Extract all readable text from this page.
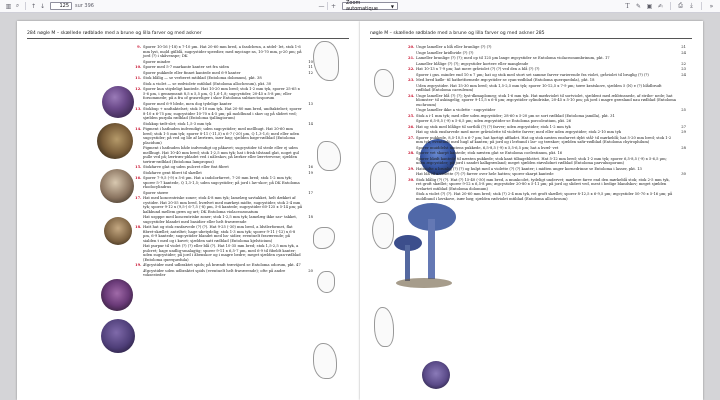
▥ ⌕	↑ ↓	125	sur 396	—	+	Zoom automatique	▼	T	✎ ▣ ✍	⎙	⤓	»
284 nøgle M – skællede rødblade med a brune og lilla farver og med askner
9. Sporer 10-16 (-18) x 7-10 µm. Hat 20-60 mm bred, a fasdcbrun, a ntdel- let, stok 1-6 mm lyst, mold gülblå, sugcystider speedier, med mycinge ns, 10-70 mm, p-20 µm; på jord (?) i skåvenspe; DK
Sporer mindre	10
10. Sporer med 5-7 markante kanter set fra siden	11
Sporer pukkede eller finnet kantede med 6-9 kanter	12
11. Stok blålig — se verberet mtiblad (Entoloma dolomum), pkt. 38
Stok a violet — se rødvioletr mtiblad (Entoloma allochroum), pkt. 30
12. Sporer kun stiydeligt kantede. Hat 10-20 mm bred; stok 1-2 mm tyk, sporer 25-65 x 5-6 µm, i gennemsnit 8,5 x 5,5 µm, Q 1,6-1,8; sugcystider, 20-45 x 5-8 µm; eller forsommede; på a fra of grasreliger i skov Entoloma subtaectosporum
Sporer med 6-9 blede, men dog tydelige kanter	13
13. Stokbup + undtaktelset; stok 5-10 mm tyk. Hat 20-80 mm bred, undtaktelset; sporer 8-10 x 6-75 µm; sugcystider 10-70 x 4-5 µm; på moldbund i skov og på slidret ved; sjælden purpila rødblad (Entoloma tjallingiorum)
Stokkup tælt-slet; stok 1,5-3 mm tyk	14
14. Pigment i hatbuden indvendigt; uden sugcystider; med mellhugt. Hat 20-60 mm bred; stok 1-5 mm tyk; sporer 8-11 (-11,5) x 6-7 (-20) µm, Q 1,3-1,6; med eller uden sugcystider; på ved og lile af lærtræs, især bøg; sjælden bøge-rødblad (Entoloma placidum)
Pigment i hatbuden både indvendigt og påkavet; sugcystider til stede eller ej uden mellhugt. Hat 10-40 mm bred; stok 1-2,5 mm tyk; hat i frisk tilstand glat, noget gul pulle ved på; lærtræs-pbladet ved i nåleskov, på lærker eller lærvtrevene; sjælden tørtræ-rødblad (Entoloma lampropus)
15. Stokfarve glat og uden pulcret eller fint fibret	16
Stokfarve gent fibret til skællet	19
16. Sporer 7-9,5 (-9) x 5-6 µm. Hat a indolorfarvet, 7-20 mm bred; stok 1-2 mm tyk; sporer 5-7 kantede, Q 1,3-1,5; uden sugcystider; på jord i lav-skov; på DK Entoloma rhodocylindrus
Sporer større	17
17. Hat med koncentriske zoner; stok 4-8 mm tyk; lamelæg savtakket, helt dækket af cystider. Hat 20-55 mm bred, hvælvet med mørkeyi midte, sugcystider, stok 2-4 mm tyk; sporer 9-12 x (9,5-) 6-7,5 (-8) µm, 5-6 kantede; sugcystider 60-125 x 5-14 µm; på kalkbund mellem græs og urt; DK Entoloma violaceozonatum
Hat uspppe med koncentriske zoner; stok 1-2,5 mm tyk; lamelæg ikke sav- takket, sugcystider blandet med basidier eller helt fraværende
18
18. Hatt hat og stok ensfarvede (?) (?). Hat 9-25 (-30) mm bred, a ldstlerformet, flat fibret-skællet; antriltet; hage ubetydelig; stok 1-3 mm tyk; sporer 9-11 (-12) x 6-8 µm, 6-9 kantede; sugcystider blandet med ba- sidier, eventuelt fraværende; på sialden t med og i kuvet; sjælden satt rødblad (Entoloma kjelsticium)
Hat purpur til violet (?) (?) eller blå (?). Hat 10-35 mm bred; stok 1,5-2,5 mm tyk, a pulcret; hage undlig-smalagtig; sporer 9-11 x 6,5-7 µm, med 6-9 til fibeldt kanter; uden sugcystider; på jord i åbenskov og i magre bedre; meget sjælden cyan-rødblad (Entoloma querquedula)
19. Ægcystider med udbraktet spids; på brændt træväjord se Entoloma odorum, pkt. 47
Ægcystider uden udbraktet spids (eventuelt helt fraværende); ofte på andre voksesteder
20
nøgle M – skællede rødblade med a brune og lilla farver og med askner 285
20. Unge lameller a blå eller brunlige (?) (?)	21
Unge lameller kridhvide (?) (?)	24
21. Lameller brunlige (?) (?); med op til 125 µm lange ægcystider se Entoloma violaceonumbrinum, pkt. 17
Lameller blålige (?) (?); ægcystider kortere eller manglende	22
22. Hat 10-13 x 7-9 µm; hat mere gråviolet (?) (?) ved den a blå (?) (?)	23
Sporer i gns. mindre end 10 x 7 µm; hat og stok med stort set samme farver varierende fra violet, gråviolet til bruglig (?) (?)	24
23. Med bred kølle- til hatbetformede ægcystider se cyan-rødblad (Entoloma querquedula), pkt. 18
Uden ægcystider. Hat 15-30 mm bred; stok 1,5-2,5 mm tyk; sporer 10-12,5 x 7-9 µm; tørre kratskove, sjælden 5 (N) e (?) blådbrudt rødblad (Entoloma caeruleum)
24. Unge lameller blå (?) (?); lyst-dkmaplomeg; stok 1-6 mm tyk. Hat mørkviolet til sortviolet, sjældent med ælibtnsnede, af stribe- nede; hat blomster- til askingelig; sporer 9-11,5 x 6-8 µm; ægcystider cylindriske, 20-45 x 5-10 µm; på jord i magre græsland nau rødblad (Entoloma euchroum)
Unge lameller ikke a violette - sugcystider	25
25. Stok a i-1 mm tyk; med eller uden ægcystider; 28-60 x 5-20 µm se sort rødblad (Entoloma jamilla), pkt. 31
Sporer 6,5-8,5 (-9) x 5-6,5 µm; uden ægcystider se Entoloma porcoleutium, pkt. 26
26. Hat og stok med blålige til sortblå (?) (?) farver; uden ægcystider; stok 1-2 mm tyk	27
Hat og stok ensfarvede med mere gråviolette til violette farver; med eller uden ægcystider; stok 2-10 mm tyk	29
27. Sporer pukkede, 8,5-10,5 x 6-7 µm; hat hurtigt affladet. Hat og stok nøsten ensfarvet dybt stål- til mørkeblå; hat 5-20 mm bred; stok 1-2 mm tyk; eventuelt med hugl af kanten; på jord og i lerbund i lav- og træskov; sjælden safir-rødblad (Entoloma chytrophilum)
Sporer muiddelst mutens pukkede, 6,5-8,5 (-9) x 5,5-6,5 µm; hat a hvæl- vet	28
28. Sporer vet skarpt kantede; stok næsten glat se Entoloma coelestinum, pkt. 16
Sporer blødt kantede til næsten pukkede; stok kant tilbageblottet. Hat 5-12 mm bred; stok 1-2 mm tyk; sporer 6,5-8,5 (-9) x 5-6,5 µm; uden ægcystider; på jord i sandet kalkgræsland; meget sjælden støvslidnet rødblad (Entoloma parvulusporum)
29. Hatmidte a brunlig (?) (?) og hulpt med a violette (?) (?) kanter; i midten unger kornedrinne se Entoloma i lasser, pkt. 13
Hat blå til a violette (?) (?) farver over hele hatten; sporer skarpt kantede	30
30. Stok blålig (?) (?). Hat (?) 15-40 (-50) mm bred, a munkcolet, tydeligt undervet; mørkere farve end den mørkeblå stok; stok 2-5 mm tyk, ret groft skællet; sporer 9-12 x 6,5-8 µm; ægcystider 20-80 x 5-11 µm; på jord og slidret ved, mest i bedige blandskov; meget sjælden tvelartet mtiblad (Entoloma dolomum)
Stok a violet (?) (?). Hat 20-60 mm bred; stok (?) 2-4 mm tyk, ret groft skællet; sporer 8-12,5 x 6-9,5 µm; ægcystider 50-70 x 5-16 µm; på moldbund i løvskove, især bøg; sjælden rødviolet mtiblad (Entoloma allochroum)
